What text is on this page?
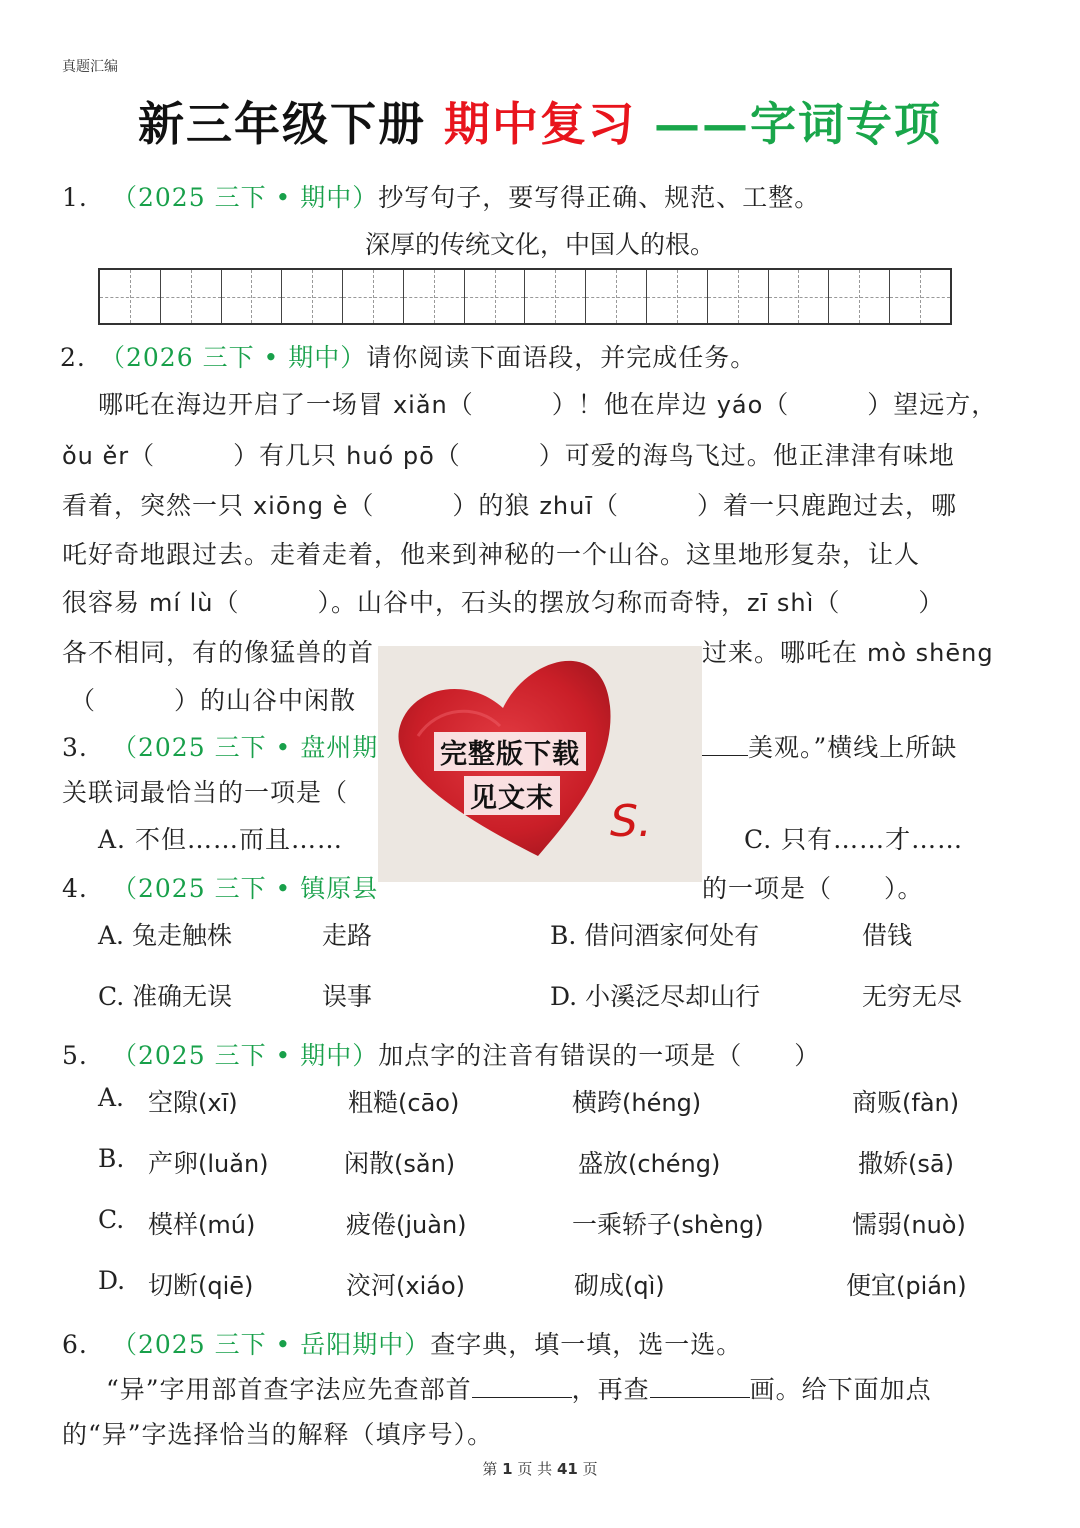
真题汇编
新三年级下册 期中复习 ——字词专项
1. （2025 三下 • 期中）抄写句子，要写得正确、规范、工整。
深厚的传统文化，中国人的根。
2. （2026 三下 • 期中）请你阅读下面语段，并完成任务。
哪吒在海边开启了一场冒 xiǎn（　　　）！他在岸边 yáo（　　　）望远方，
ǒu ěr（　　　）有几只 huó pō（　　　）可爱的海鸟飞过。他正津津有味地
看着，突然一只 xiōng è（　　　）的狼 zhuī（　　　）着一只鹿跑过去，哪
吒好奇地跟过去。走着走着，他来到神秘的一个山谷。这里地形复杂，让人
很容易 mí lù（　　　）。山谷中，石头的摆放匀称而奇特，zī shì（　　　）
各不相同，有的像猛兽的首	过来。哪吒在 mò shēng
（　　　）的山谷中闲散
3. （2025 三下 • 盘州期	美观。”横线上所缺
关联词最恰当的一项是（
A. 不但……而且……	C. 只有……才……
4. （2025 三下 • 镇原县	的一项是（　　）。
A. 兔走触株	走路	B. 借问酒家何处有	借钱
C. 准确无误	误事	D. 小溪泛尽却山行	无穷无尽
5. （2025 三下 • 期中）加点字的注音有错误的一项是（　　）
A. 空隙(xī)	粗糙(cāo)	横跨(héng)	商贩(fàn)
B. 产卵(luǎn)	闲散(sǎn)	盛放(chéng)	撒娇(sā)
C. 模样(mú)	疲倦(juàn)	一乘轿子(shèng)	懦弱(nuò)
D. 切断(qiē)	洨河(xiáo)	砌成(qì)	便宜(pián)
6. （2025 三下 • 岳阳期中）查字典，填一填，选一选。
“异”字用部首查字法应先查部首	，再查	画。给下面加点
的“异”字选择恰当的解释（填序号）。
完整版下载
见文末 S.
第 1 页 共 41 页
